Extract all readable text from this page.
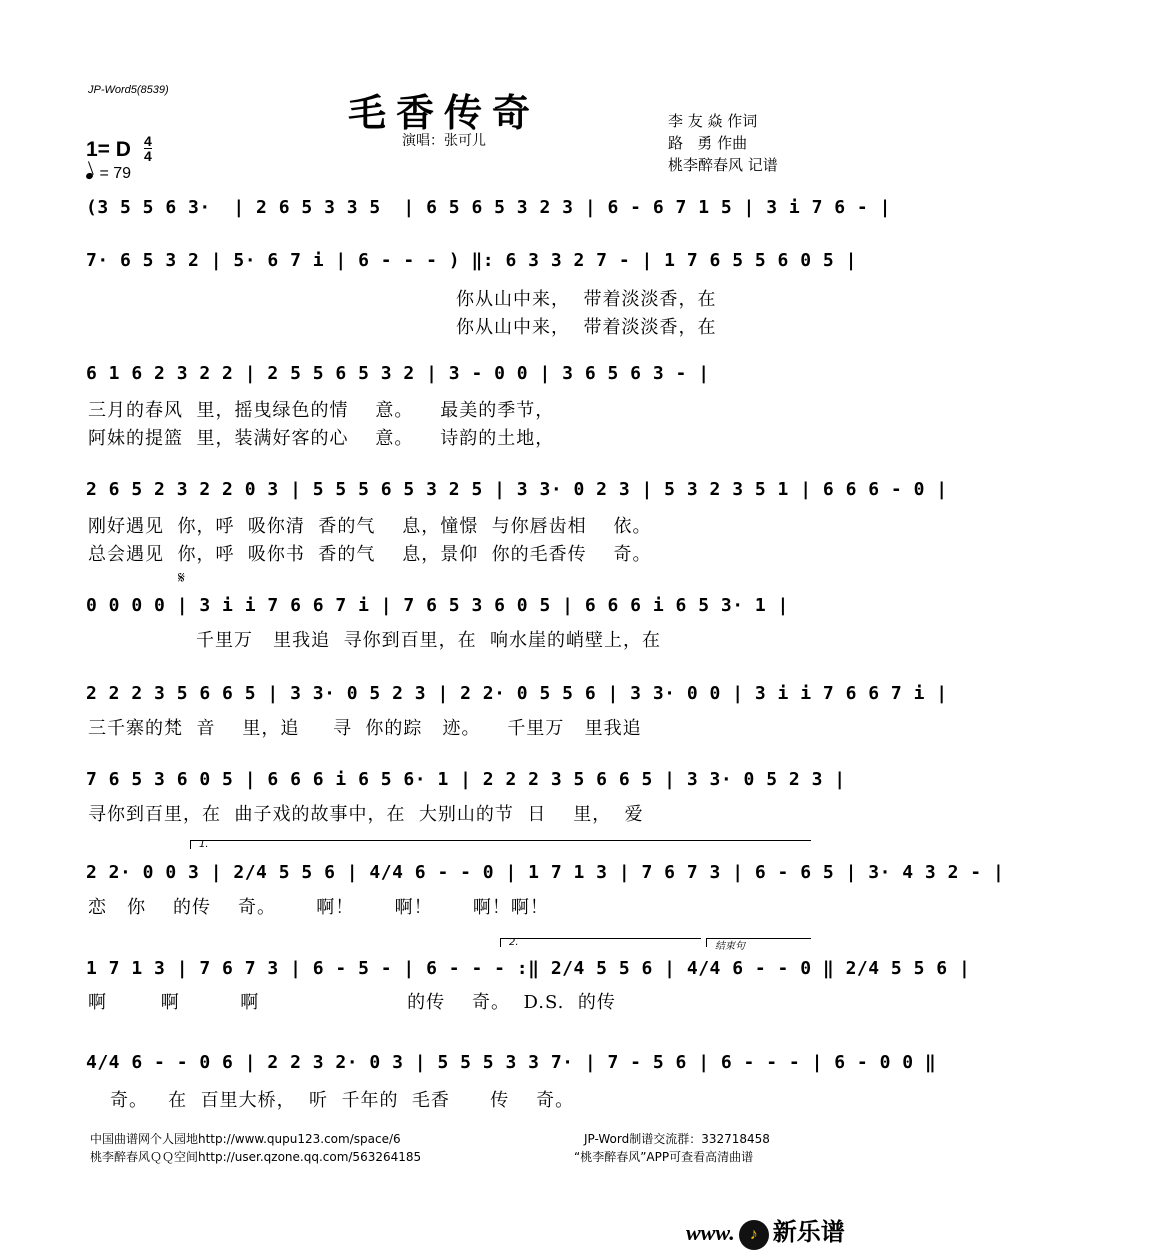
JP-Word5(8539)	毛香传奇
演唱：张可儿
李 友 焱 作词
路   勇 作曲
桃李醉春风 记谱
1= D $\frac{4}{4}$
= 79
(3 5 5 6 3·  | 2 6 5 3 3 5  | 6 5 6 5 3 2 3 | 6 - 6 7 1 5 | 3 i 7 6 - |
7· 6 5 3 2 | 5· 6 7 i | 6 - - - ) ‖: 6 3 3 2 7 - | 1 7 6 5 5 6 0 5 |
你从山中来，  带着淡淡香，在
你从山中来，  带着淡淡香，在
6 1 6 2 3 2 2 | 2 5 5 6 5 3 2 | 3 - 0 0 | 3 6 5 6 3 - |
三月的春风  里，摇曳绿色的情    意。    最美的季节，
阿妹的提篮  里，装满好客的心    意。    诗韵的土地，
2 6 5 2 3 2 2 0 3 | 5 5 5 6 5 3 2 5 | 3 3· 0 2 3 | 5 3 2 3 5 1 | 6 6 6 - 0 |
刚好遇见  你，呼  吸你清  香的气    息，憧憬  与你唇齿相    依。
总会遇见  你，呼  吸你书  香的气    息，景仰  你的毛香传    奇。
𝄋
0 0 0 0 | 3 i i 7 6 6 7 i | 7 6 5 3 6 0 5 | 6 6 6 i 6 5 3· 1 |
千里万   里我追  寻你到百里，在  响水崖的峭壁上，在
2 2 2 3 5 6 6 5 | 3 3· 0 5 2 3 | 2 2· 0 5 5 6 | 3 3· 0 0 | 3 i i 7 6 6 7 i |
三千寨的梵  音    里，追     寻  你的踪   迹。    千里万   里我追
7 6 5 3 6 0 5 | 6 6 6 i 6 5 6· 1 | 2 2 2 3 5 6 6 5 | 3 3· 0 5 2 3 |
寻你到百里，在  曲子戏的故事中，在  大别山的节  日    里，  爱
1.
2 2· 0 0 3 | 2/4 5 5 6 | 4/4 6 - - 0 | 1 7 1 3 | 7 6 7 3 | 6 - 6 5 | 3· 4 3 2 - |
恋   你    的传    奇。      啊！      啊！      啊！啊！
2.	结束句
1 7 1 3 | 7 6 7 3 | 6 - 5 - | 6 - - - :‖ 2/4 5 5 6 | 4/4 6 - - 0 ‖ 2/4 5 5 6 |
啊        啊         啊                      的传    奇。  D.S.  的传
4/4 6 - - 0 6 | 2 2 3 2· 0 3 | 5 5 5 3 3 7· | 7 - 5 6 | 6 - - - | 6 - 0 0 ‖
奇。   在  百里大桥，  听  千年的  毛香      传    奇。
中国曲谱网个人园地http://www.qupu123.com/space/6
桃李醉春风ＱＱ空间http://user.qzone.qq.com/563264185
JP-Word制谱交流群：332718458
“桃李醉春风”APP可查看高清曲谱
www. ♪ 新乐谱
